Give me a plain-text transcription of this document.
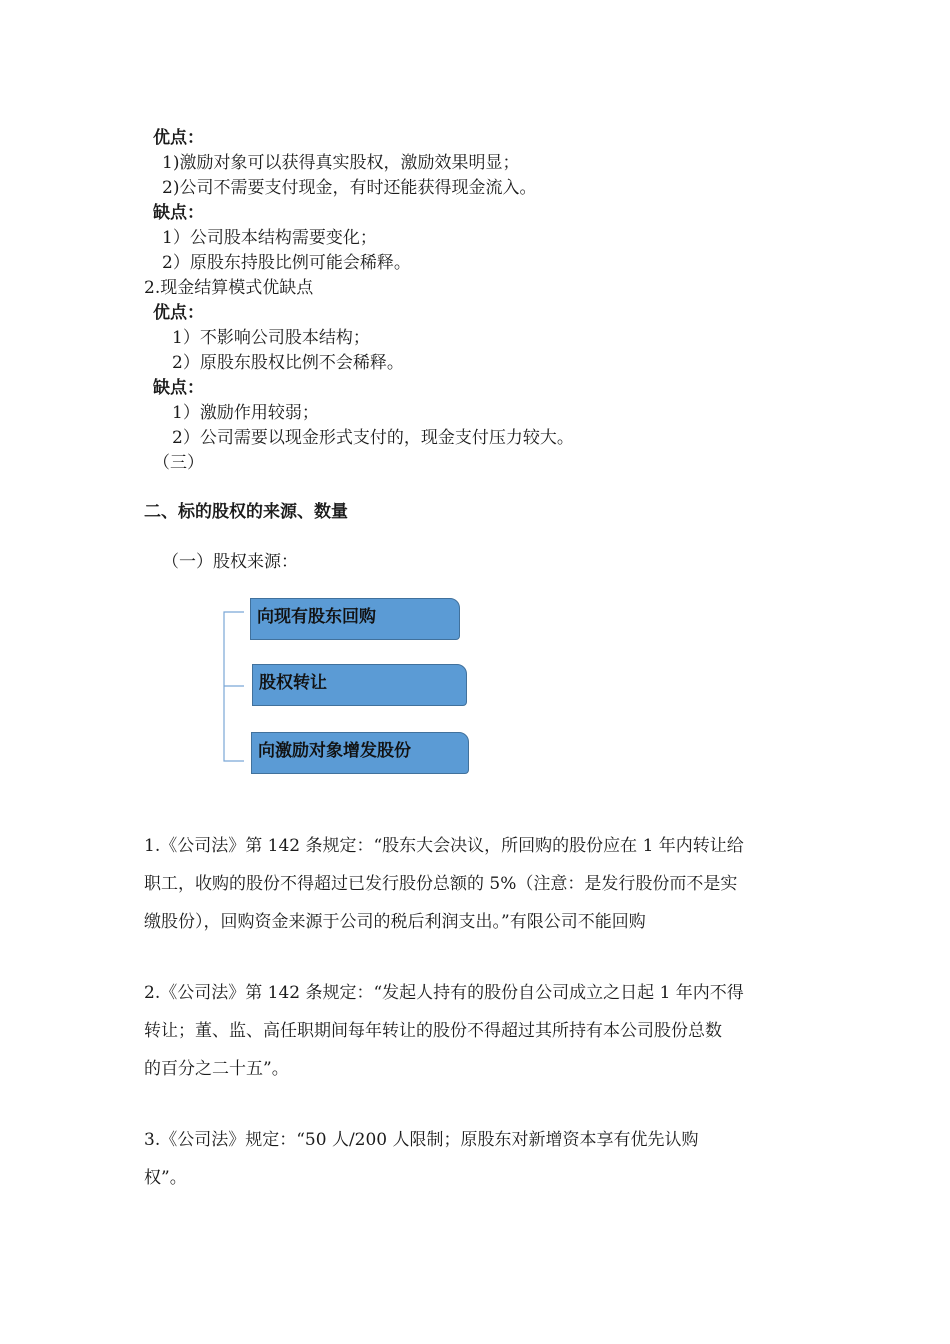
优点：
1)激励对象可以获得真实股权，激励效果明显；
2)公司不需要支付现金，有时还能获得现金流入。
缺点：
1）公司股本结构需要变化；
2）原股东持股比例可能会稀释。
2.现金结算模式优缺点
优点：
1）不影响公司股本结构；
2）原股东股权比例不会稀释。
缺点：
1）激励作用较弱；
2）公司需要以现金形式支付的，现金支付压力较大。
（三）
二、标的股权的来源、数量
（一）股权来源：
向现有股东回购
股权转让
向激励对象增发股份
1.《公司法》第 142 条规定：“股东大会决议，所回购的股份应在 1 年内转让给
职工，收购的股份不得超过已发行股份总额的 5%（注意：是发行股份而不是实
缴股份），回购资金来源于公司的税后利润支出。”有限公司不能回购
2.《公司法》第 142 条规定：“发起人持有的股份自公司成立之日起 1 年内不得
转让；董、监、高任职期间每年转让的股份不得超过其所持有本公司股份总数
的百分之二十五”。
3.《公司法》规定：“50 人/200 人限制；原股东对新增资本享有优先认购
权”。
